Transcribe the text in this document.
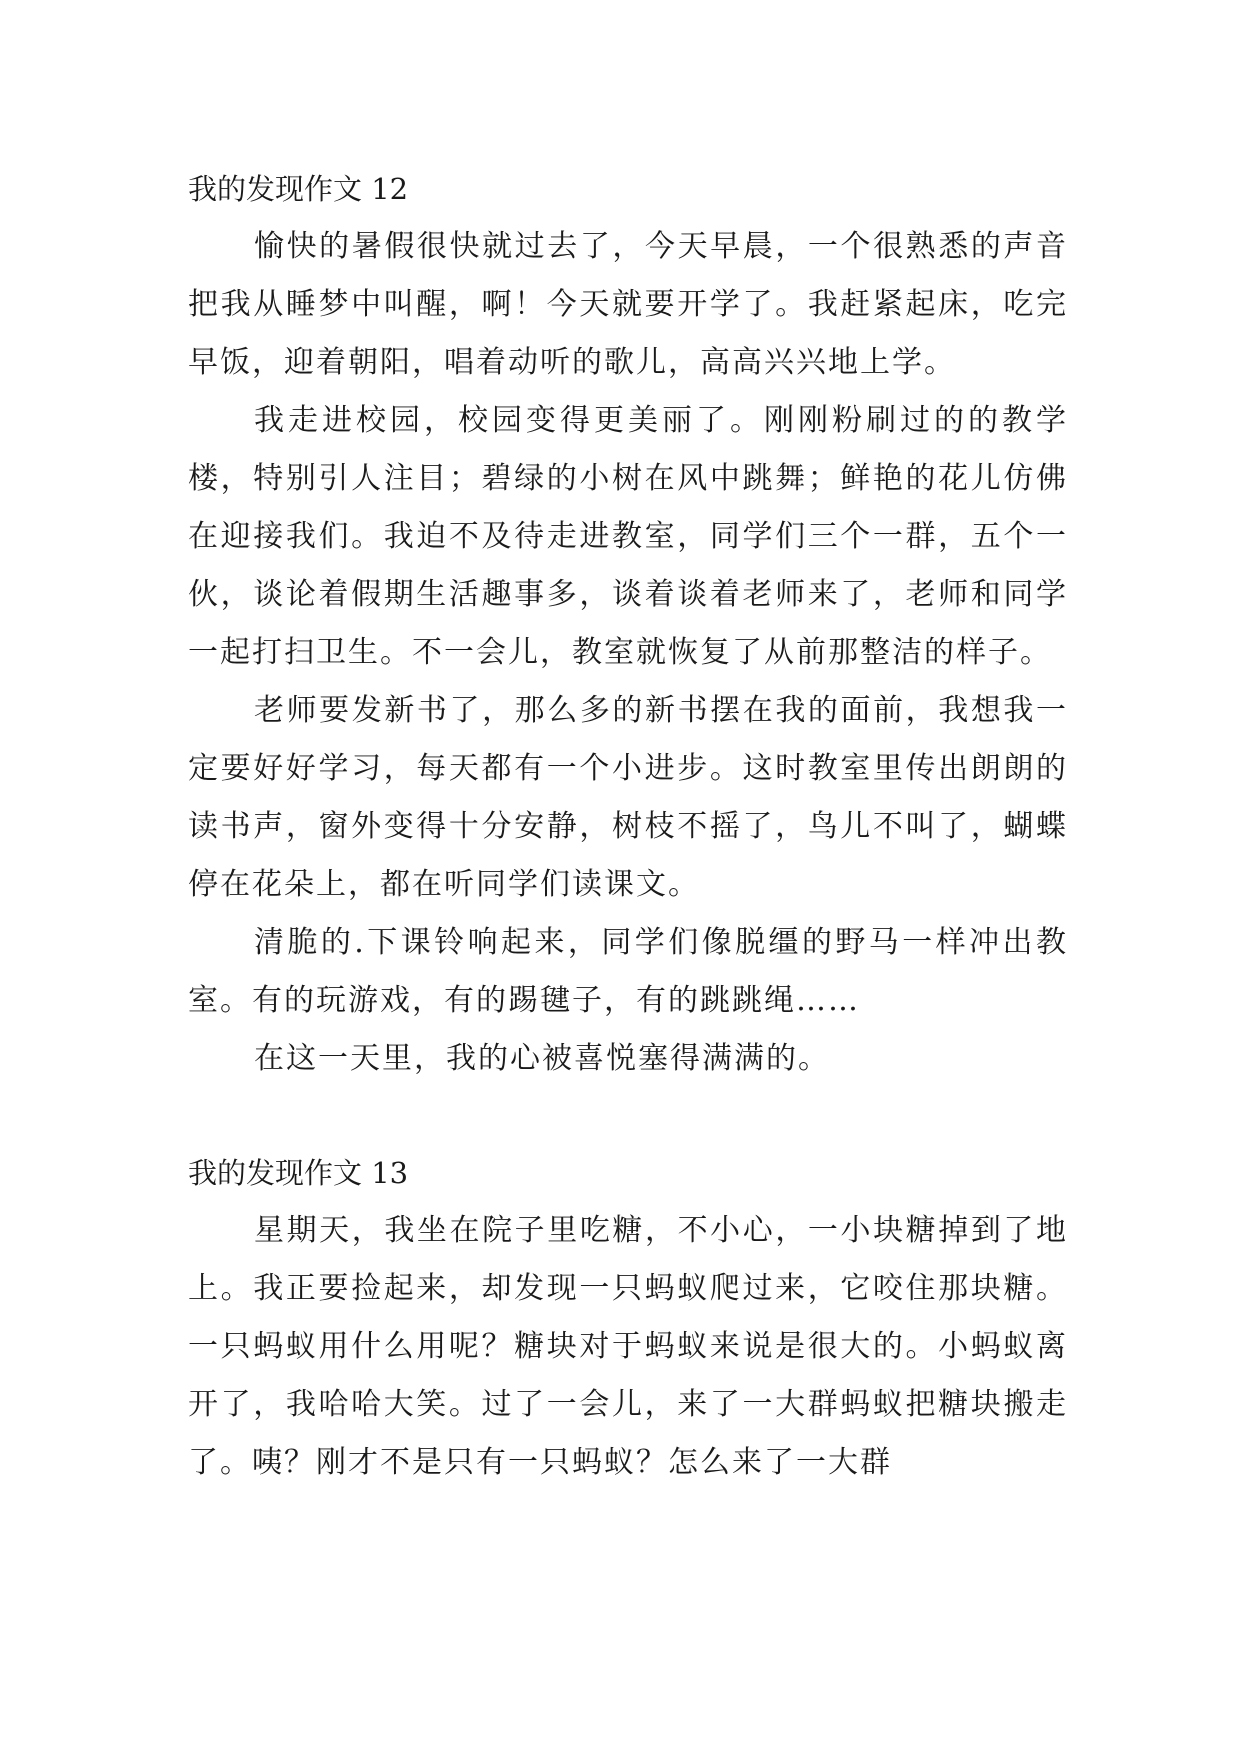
我的发现作文 12

愉快的暑假很快就过去了，今天早晨，一个很熟悉的声音把我从睡梦中叫醒，啊！今天就要开学了。我赶紧起床，吃完早饭，迎着朝阳，唱着动听的歌儿，高高兴兴地上学。

我走进校园，校园变得更美丽了。刚刚粉刷过的的教学楼，特别引人注目；碧绿的小树在风中跳舞；鲜艳的花儿仿佛在迎接我们。我迫不及待走进教室，同学们三个一群，五个一伙，谈论着假期生活趣事多，谈着谈着老师来了，老师和同学一起打扫卫生。不一会儿，教室就恢复了从前那整洁的样子。

老师要发新书了，那么多的新书摆在我的面前，我想我一定要好好学习，每天都有一个小进步。这时教室里传出朗朗的读书声，窗外变得十分安静，树枝不摇了，鸟儿不叫了，蝴蝶停在花朵上，都在听同学们读课文。

清脆的.下课铃响起来，同学们像脱缰的野马一样冲出教室。有的玩游戏，有的踢毽子，有的跳跳绳……

在这一天里，我的心被喜悦塞得满满的。

我的发现作文 13

星期天，我坐在院子里吃糖，不小心，一小块糖掉到了地上。我正要捡起来，却发现一只蚂蚁爬过来，它咬住那块糖。一只蚂蚁用什么用呢？糖块对于蚂蚁来说是很大的。小蚂蚁离开了，我哈哈大笑。过了一会儿，来了一大群蚂蚁把糖块搬走了。咦？刚才不是只有一只蚂蚁？怎么来了一大群
